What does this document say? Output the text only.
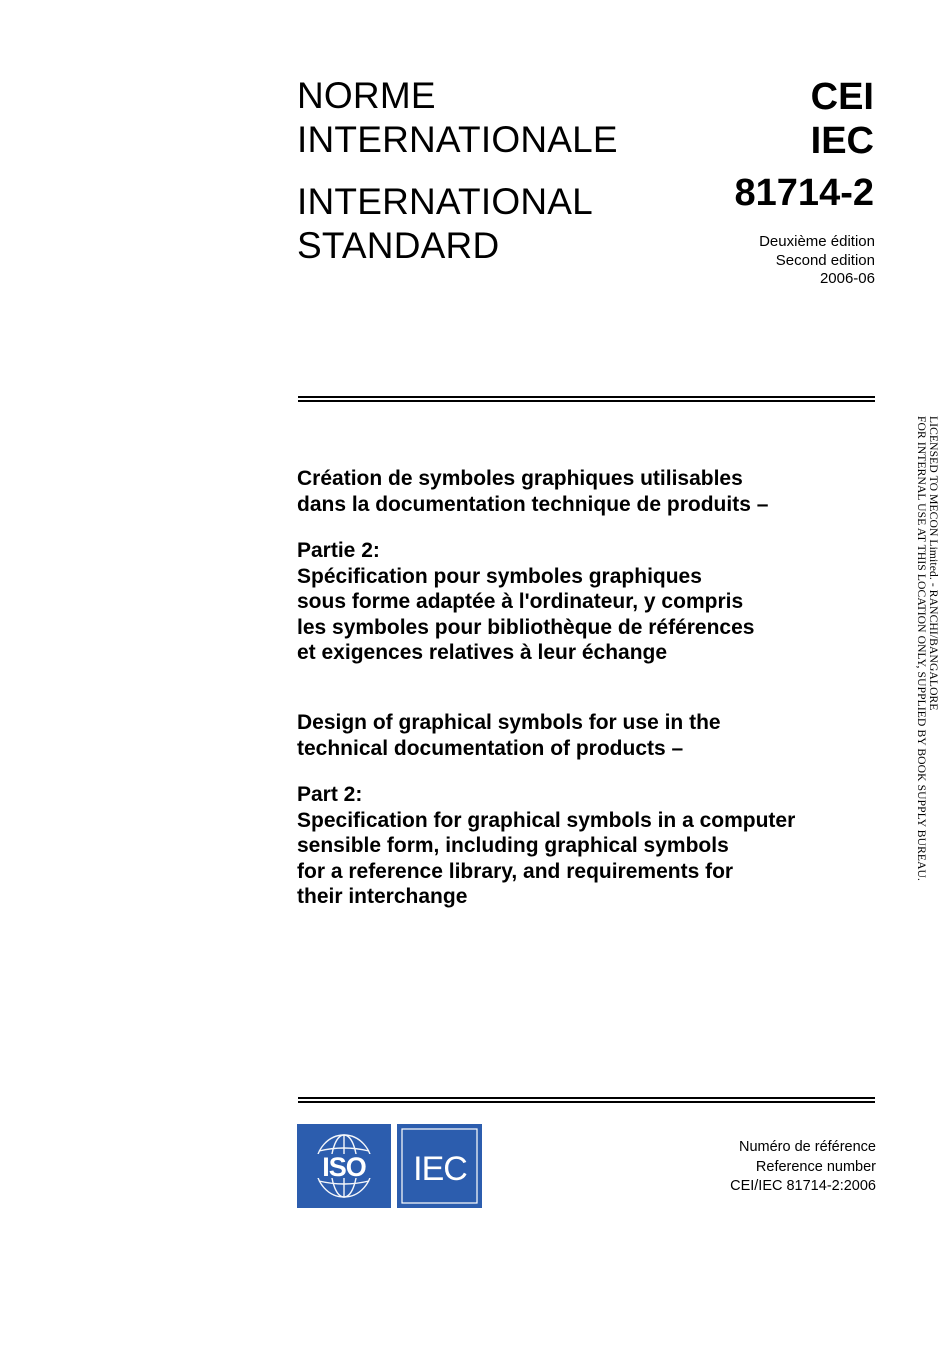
NORME
INTERNATIONALE
INTERNATIONAL
STANDARD
CEI
IEC
81714-2
Deuxième édition
Second edition
2006-06
Création de symboles graphiques utilisables
dans la documentation technique de produits –
Partie 2:
Spécification pour symboles graphiques
sous forme adaptée à l'ordinateur, y compris
les symboles pour bibliothèque de références
et exigences relatives à leur échange
Design of graphical symbols for use in the
technical documentation of products –
Part 2:
Specification for graphical symbols in a computer
sensible form, including graphical symbols
for a reference library, and requirements for
their interchange
LICENSED TO MECON Limited. - RANCHI/BANGALORE
FOR INTERNAL USE AT THIS LOCATION ONLY, SUPPLIED BY BOOK SUPPLY BUREAU.
ISO IEC
Numéro de référence
Reference number
CEI/IEC 81714-2:2006
